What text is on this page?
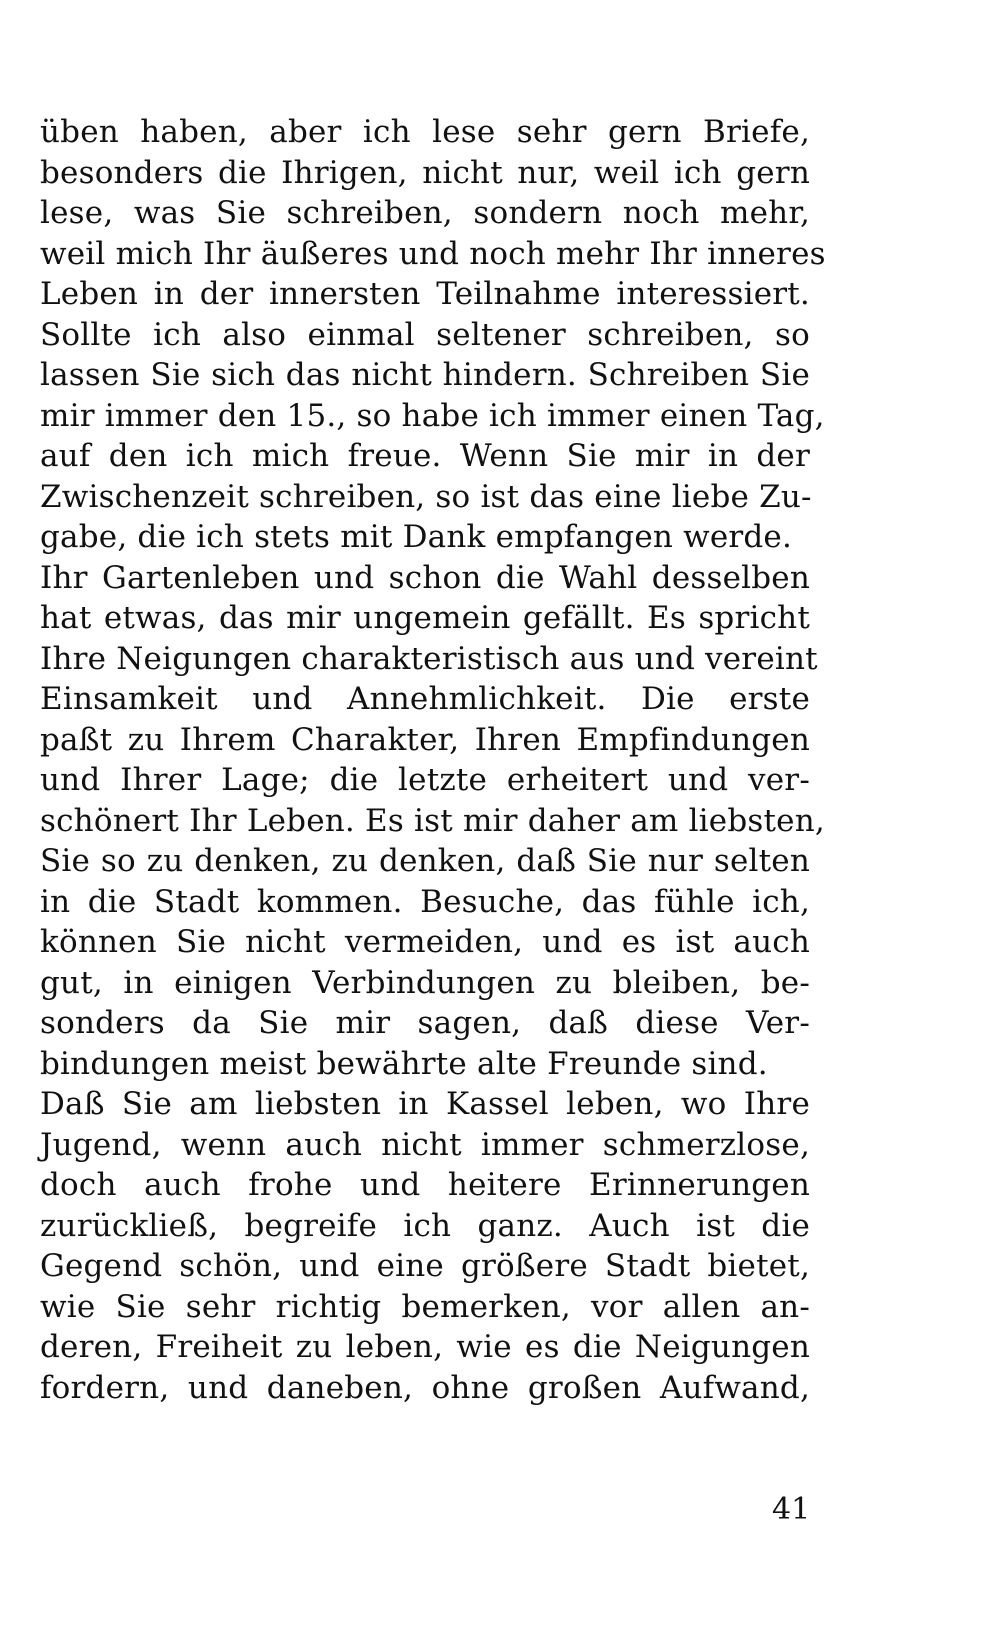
üben haben, aber ich lese sehr gern Briefe,
besonders die Ihrigen, nicht nur, weil ich gern
lese, was Sie schreiben, sondern noch mehr,
weil mich Ihr äußeres und noch mehr Ihr inneres
Leben in der innersten Teilnahme interessiert.
Sollte ich also einmal seltener schreiben, so
lassen Sie sich das nicht hindern. Schreiben Sie
mir immer den 15., so habe ich immer einen Tag,
auf den ich mich freue. Wenn Sie mir in der
Zwischenzeit schreiben, so ist das eine liebe Zu-
gabe, die ich stets mit Dank empfangen werde.
Ihr Gartenleben und schon die Wahl desselben
hat etwas, das mir ungemein gefällt. Es spricht
Ihre Neigungen charakteristisch aus und vereint
Einsamkeit und Annehmlichkeit. Die erste
paßt zu Ihrem Charakter, Ihren Empfindungen
und Ihrer Lage; die letzte erheitert und ver-
schönert Ihr Leben. Es ist mir daher am liebsten,
Sie so zu denken, zu denken, daß Sie nur selten
in die Stadt kommen. Besuche, das fühle ich,
können Sie nicht vermeiden, und es ist auch
gut, in einigen Verbindungen zu bleiben, be-
sonders da Sie mir sagen, daß diese Ver-
bindungen meist bewährte alte Freunde sind.
Daß Sie am liebsten in Kassel leben, wo Ihre
Jugend, wenn auch nicht immer schmerzlose,
doch auch frohe und heitere Erinnerungen
zurückließ, begreife ich ganz. Auch ist die
Gegend schön, und eine größere Stadt bietet,
wie Sie sehr richtig bemerken, vor allen an-
deren, Freiheit zu leben, wie es die Neigungen
fordern, und daneben, ohne großen Aufwand,
41
